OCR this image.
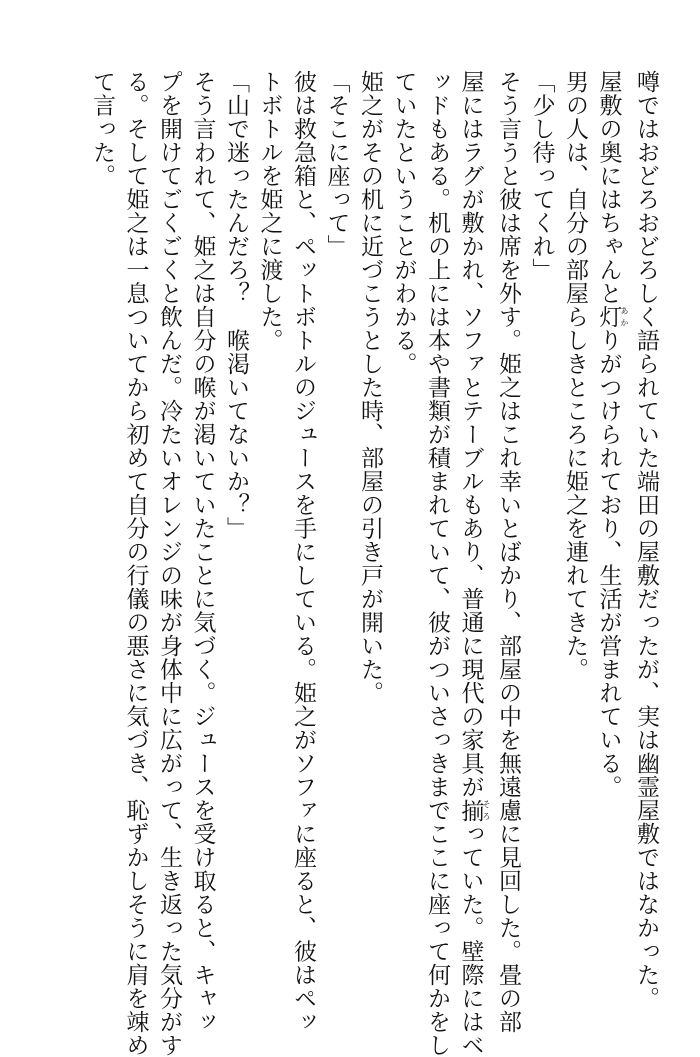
噂ではおどろおどろしく語られていた端田の屋敷だったが、実は幽霊屋敷ではなかった。
屋敷の奥にはちゃんと灯あかりがつけられており、生活が営まれている。
男の人は、自分の部屋らしきところに姫之を連れてきた。
「少し待ってくれ」
そう言うと彼は席を外す。姫之はこれ幸いとばかり、部屋の中を無遠慮に見回した。畳の部
屋にはラグが敷かれ、ソファとテーブルもあり、普通に現代の家具が揃そろっていた。壁際にはベ
ッドもある。机の上には本や書類が積まれていて、彼がついさっきまでここに座って何かをし
ていたということがわかる。
姫之がその机に近づこうとした時、部屋の引き戸が開いた。
「そこに座って」
彼は救急箱と、ペットボトルのジュースを手にしている。姫之がソファに座ると、彼はペッ
トボトルを姫之に渡した。
「山で迷ったんだろ？　喉渇いてないか？」
そう言われて、姫之は自分の喉が渇いていたことに気づく。ジュースを受け取ると、キャッ
プを開けてごくごくと飲んだ。冷たいオレンジの味が身体中に広がって、生き返った気分がす
る。そして姫之は一息ついてから初めて自分の行儀の悪さに気づき、恥ずかしそうに肩を竦め
て言った。
